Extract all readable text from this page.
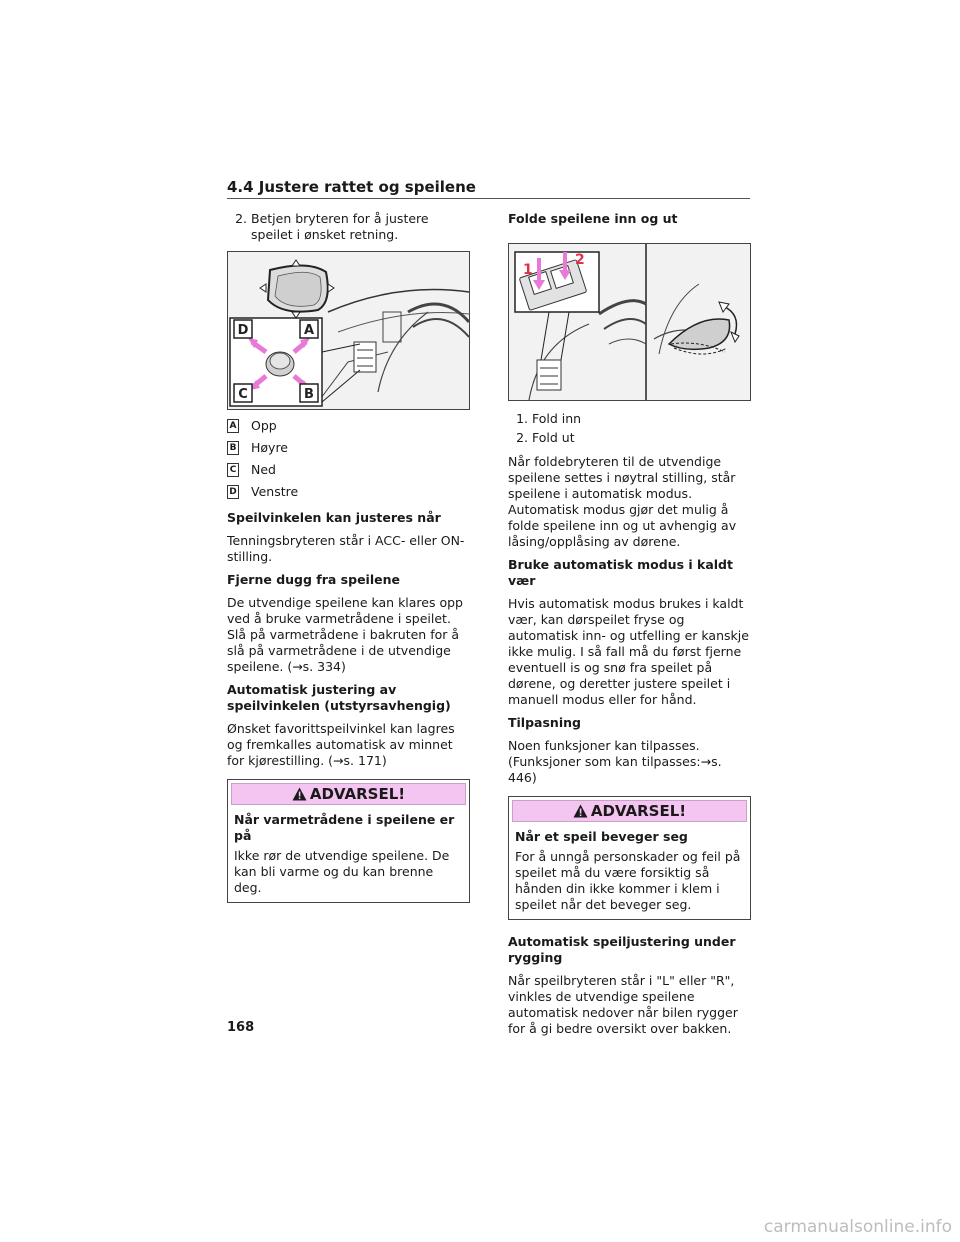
4.4 Justere rattet og speilene
2. Betjen bryteren for å justere speilet i ønsket retning.
D	A
C	B
A Opp
B Høyre
C Ned
D Venstre
Speilvinkelen kan justeres når

Tenningsbryteren står i ACC- eller ON-stilling.

Fjerne dugg fra speilene

De utvendige speilene kan klares opp ved å bruke varmetrådene i speilet. Slå på varmetrådene i bakruten for å slå på varmetrådene i de utvendige speilene. (→s. 334)

Automatisk justering av speilvinkelen (utstyrsavhengig)

Ønsket favorittspeilvinkel kan lagres og fremkalles automatisk av minnet for kjørestilling. (→s. 171)

ADVARSEL!
Når varmetrådene i speilene er på

Ikke rør de utvendige speilene. De kan bli varme og du kan brenne deg.

Folde speilene inn og ut
1
2
1. Fold inn
2. Fold ut

Når foldebryteren til de utvendige speilene settes i nøytral stilling, står speilene i automatisk modus. Automatisk modus gjør det mulig å folde speilene inn og ut avhengig av låsing/opplåsing av dørene.

Bruke automatisk modus i kaldt vær

Hvis automatisk modus brukes i kaldt vær, kan dørspeilet fryse og automatisk inn- og utfelling er kanskje ikke mulig. I så fall må du først fjerne eventuell is og snø fra speilet på dørene, og deretter justere speilet i manuell modus eller for hånd.

Tilpasning

Noen funksjoner kan tilpasses. (Funksjoner som kan tilpasses:→s. 446)

ADVARSEL!
Når et speil beveger seg

For å unngå personskader og feil på speilet må du være forsiktig så hånden din ikke kommer i klem i speilet når det beveger seg.

Automatisk speiljustering under rygging

Når speilbryteren står i "L" eller "R", vinkles de utvendige speilene automatisk nedover når bilen rygger for å gi bedre oversikt over bakken.

168
carmanualsonline.info
